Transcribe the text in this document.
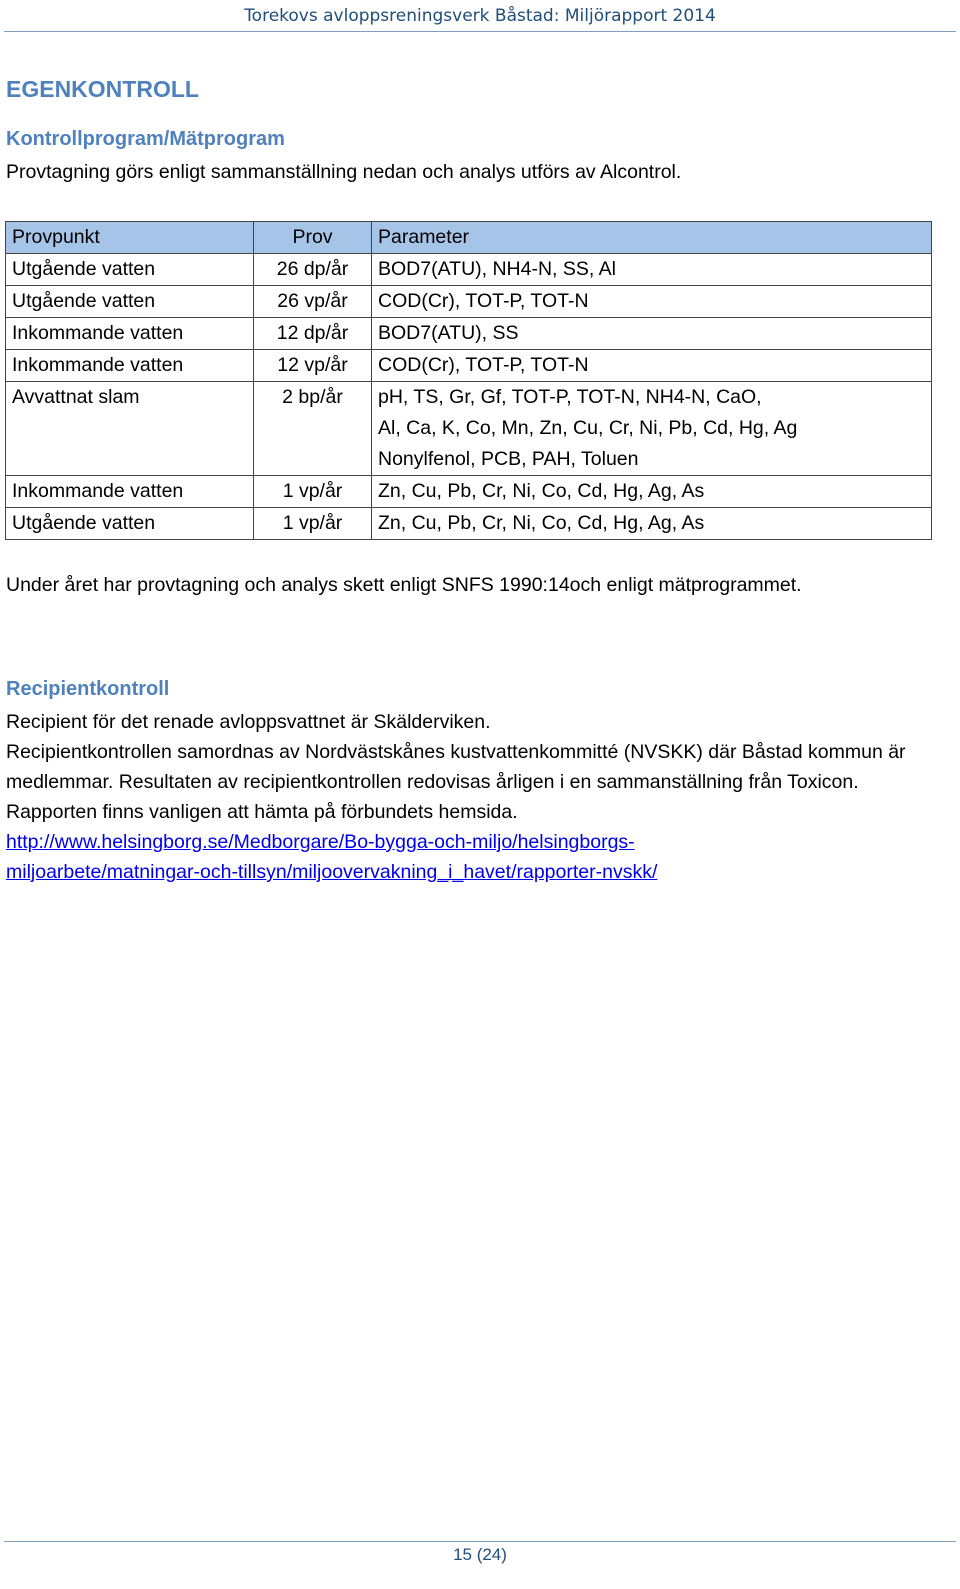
Torekovs avloppsreningsverk Båstad: Miljörapport 2014
EGENKONTROLL
Kontrollprogram/Mätprogram
Provtagning görs enligt sammanställning nedan och analys utförs av Alcontrol.
Provpunkt	Prov	Parameter
Utgående vatten	26 dp/år	BOD7(ATU), NH4-N, SS, Al

Utgående vatten	26 vp/år	COD(Cr), TOT-P, TOT-N

Inkommande vatten	12 dp/år	BOD7(ATU), SS

Inkommande vatten	12 vp/år	COD(Cr), TOT-P, TOT-N

Avvattnat slam	2 bp/år	pH, TS, Gr, Gf, TOT-P, TOT-N, NH4-N, CaO,
Al, Ca, K, Co, Mn, Zn, Cu, Cr, Ni, Pb, Cd, Hg, Ag
Nonylfenol, PCB, PAH, Toluen

Inkommande vatten	1 vp/år	Zn, Cu, Pb, Cr, Ni, Co, Cd, Hg, Ag, As

Utgående vatten	1 vp/år	Zn, Cu, Pb, Cr, Ni, Co, Cd, Hg, Ag, As
Under året har provtagning och analys skett enligt SNFS 1990:14och enligt mätprogrammet.
Recipientkontroll
Recipient för det renade avloppsvattnet är Skälderviken.
Recipientkontrollen samordnas av Nordvästskånes kustvattenkommitté (NVSKK) där Båstad kommun är medlemmar. Resultaten av recipientkontrollen redovisas årligen i en sammanställning från Toxicon. Rapporten finns vanligen att hämta på förbundets hemsida.
http://www.helsingborg.se/Medborgare/Bo-bygga-och-miljo/helsingborgs-
miljoarbete/matningar-och-tillsyn/miljoovervakning_i_havet/rapporter-nvskk/
15 (24)
